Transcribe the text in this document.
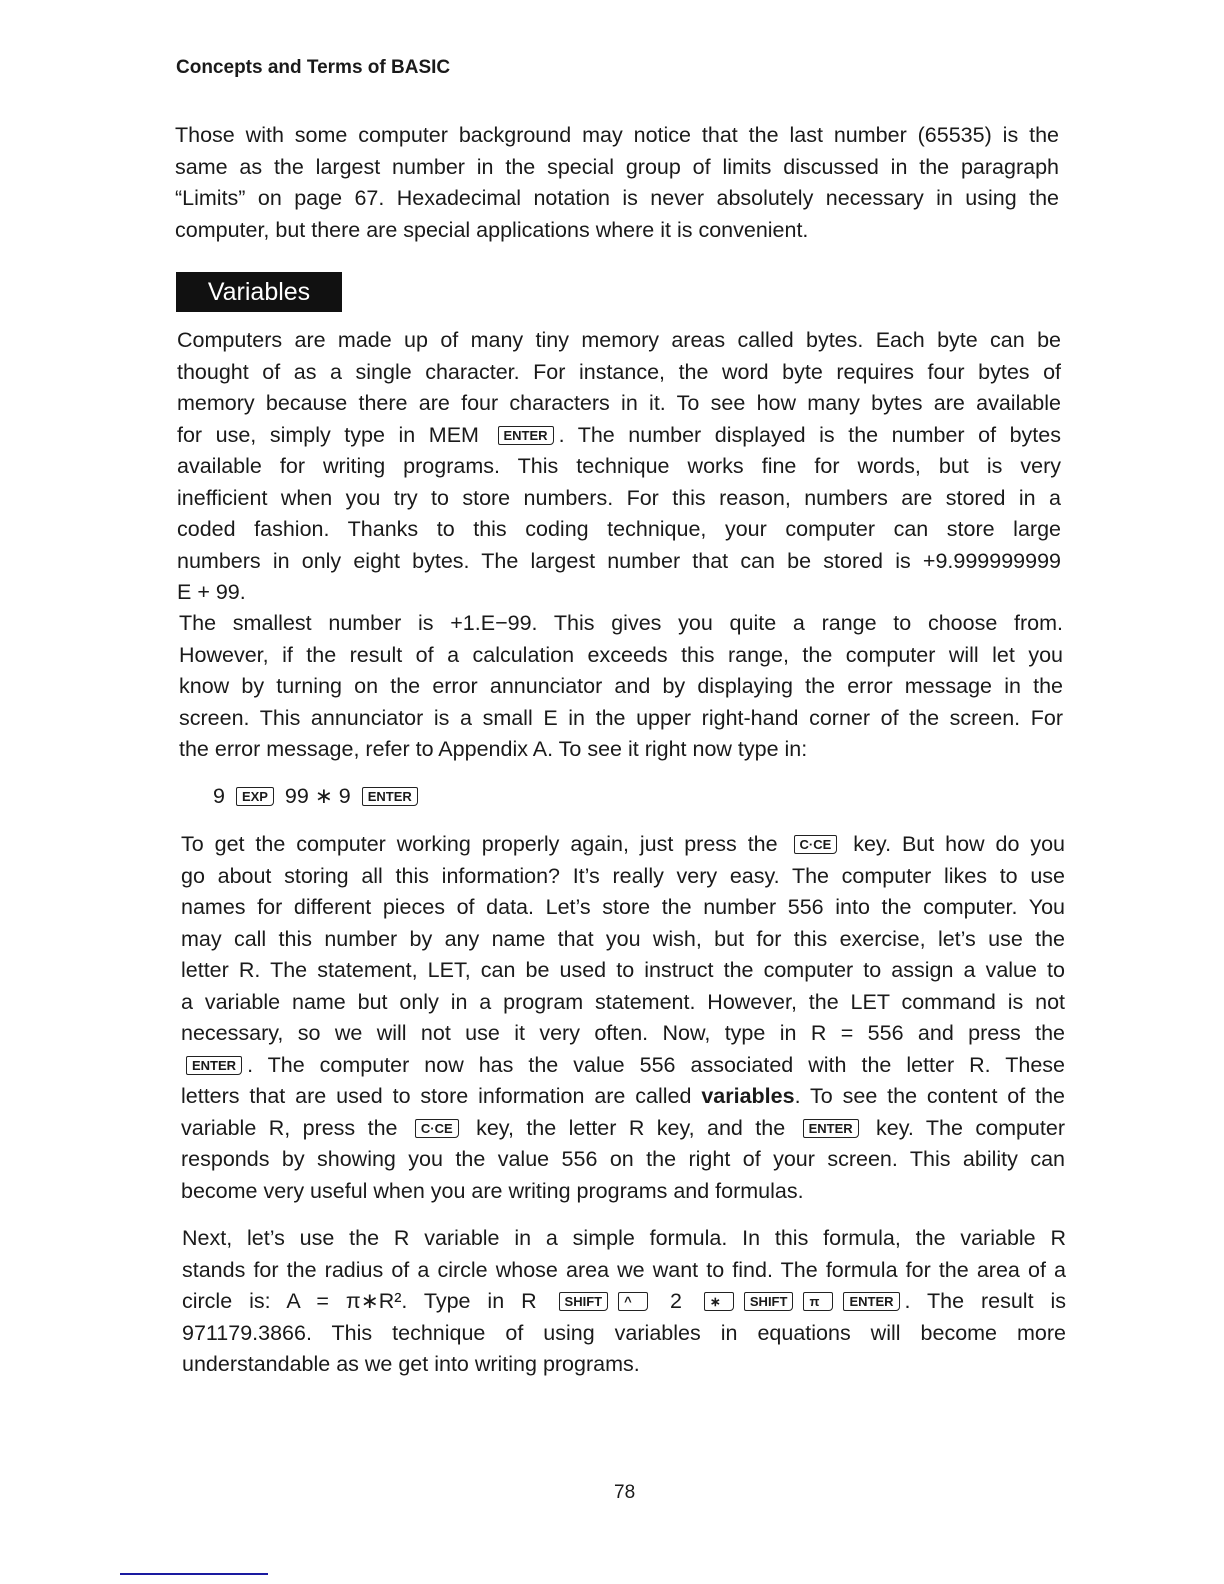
Concepts and Terms of BASIC
Variables
Those with some computer background may notice that the last number (65535) is the
same as the largest number in the special group of limits discussed in the paragraph
“Limits” on page 67. Hexadecimal notation is never absolutely necessary in using the
computer, but there are special applications where it is convenient.
Computers are made up of many tiny memory areas called bytes. Each byte can be
thought of as a single character. For instance, the word byte requires four bytes of
memory because there are four characters in it. To see how many bytes are available
for use, simply type in MEM ENTER . The number displayed is the number of bytes
available for writing programs. This technique works fine for words, but is very
inefficient when you try to store numbers. For this reason, numbers are stored in a
coded fashion. Thanks to this coding technique, your computer can store large
numbers in only eight bytes. The largest number that can be stored is +9.999999999
E + 99.
The smallest number is +1.E−99. This gives you quite a range to choose from.
However, if the result of a calculation exceeds this range, the computer will let you
know by turning on the error annunciator and by displaying the error message in the
screen. This annunciator is a small E in the upper right-hand corner of the screen. For
the error message, refer to Appendix A. To see it right now type in:
9 EXP 99 ∗ 9 ENTER
To get the computer working properly again, just press the C·CE key. But how do you
go about storing all this information? It’s really very easy. The computer likes to use
names for different pieces of data. Let’s store the number 556 into the computer. You
may call this number by any name that you wish, but for this exercise, let’s use the
letter R. The statement, LET, can be used to instruct the computer to assign a value to
a variable name but only in a program statement. However, the LET command is not
necessary, so we will not use it very often. Now, type in R = 556 and press the
ENTER . The computer now has the value 556 associated with the letter R. These
letters that are used to store information are called variables. To see the content of the
variable R, press the C·CE key, the letter R key, and the ENTER key. The computer
responds by showing you the value 556 on the right of your screen. This ability can
become very useful when you are writing programs and formulas.
Next, let’s use the R variable in a simple formula. In this formula, the variable R
stands for the radius of a circle whose area we want to find. The formula for the area of a
circle is: A = π∗R². Type in R SHIFT ^ 2 ∗ SHIFT π ENTER . The result is
971179.3866. This technique of using variables in equations will become more
understandable as we get into writing programs.
78
